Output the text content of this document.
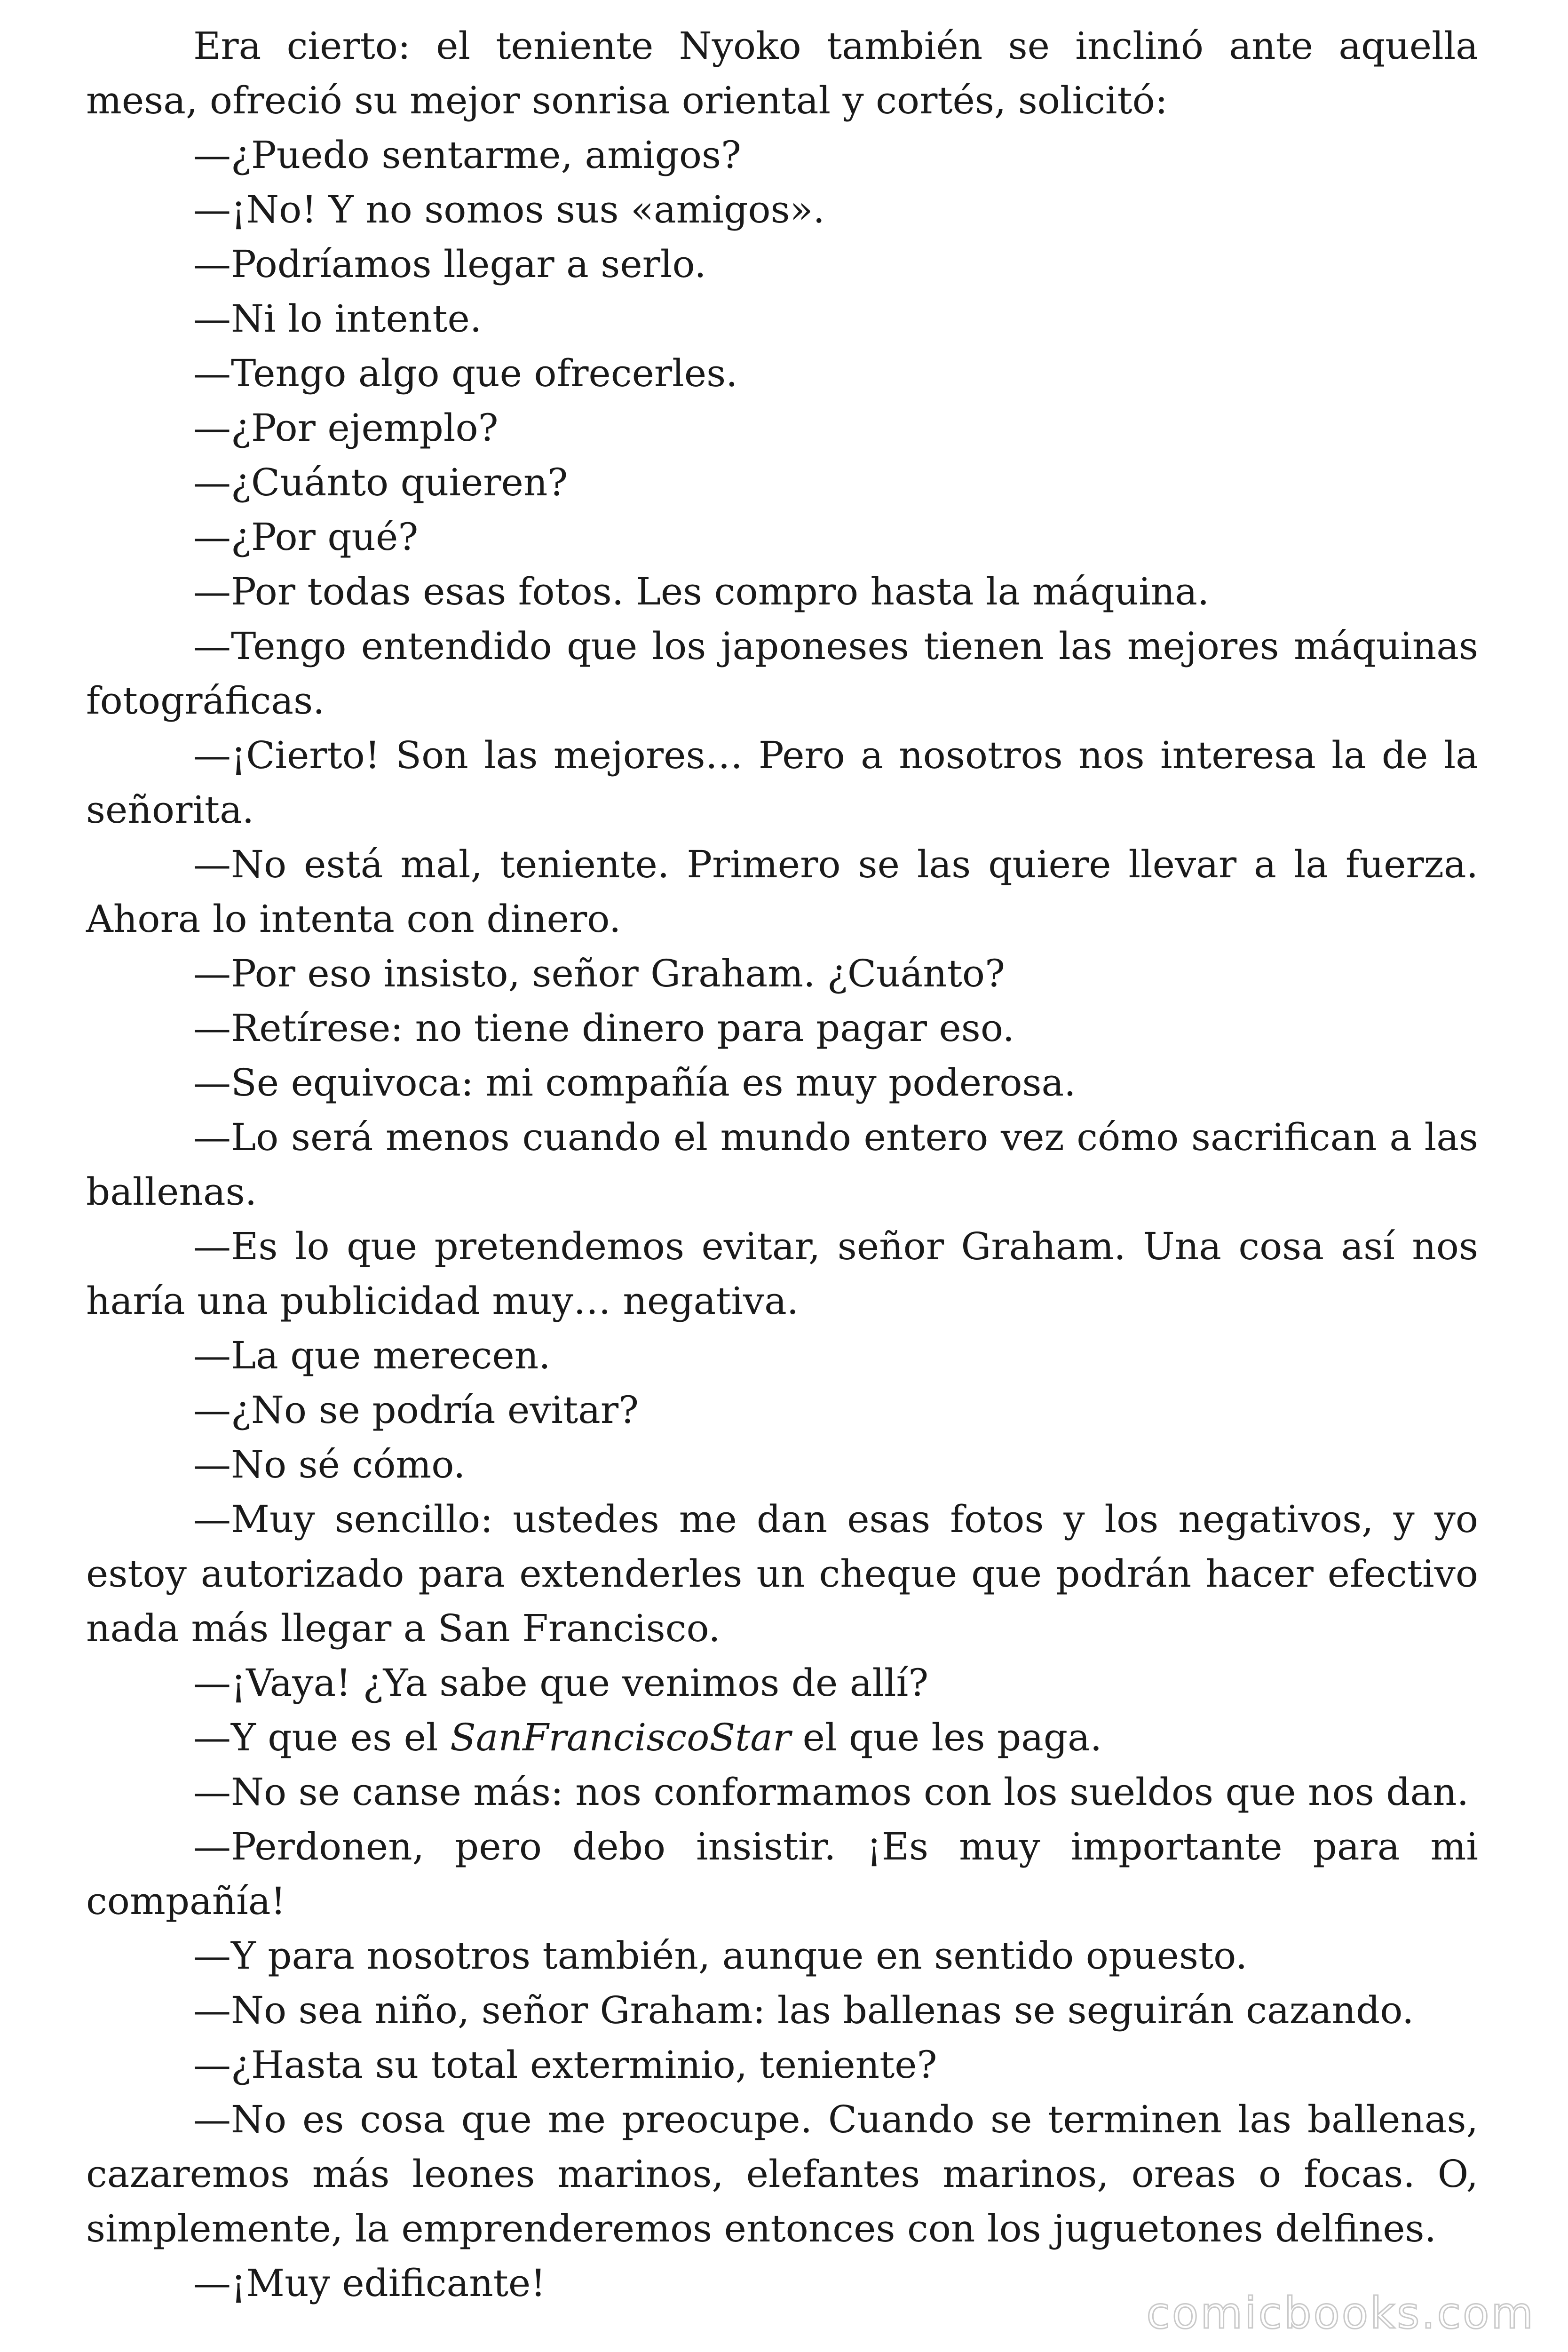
Era cierto: el teniente Nyoko también se inclinó ante aquella mesa, ofreció su mejor sonrisa oriental y cortés, solicitó:

—¿Puedo sentarme, amigos?

—¡No! Y no somos sus «amigos».

—Podríamos llegar a serlo.

—Ni lo intente.

—Tengo algo que ofrecerles.

—¿Por ejemplo?

—¿Cuánto quieren?

—¿Por qué?

—Por todas esas fotos. Les compro hasta la máquina.

—Tengo entendido que los japoneses tienen las mejores máquinas fotográficas.

—¡Cierto! Son las mejores… Pero a nosotros nos interesa la de la señorita.

—No está mal, teniente. Primero se las quiere llevar a la fuerza. Ahora lo intenta con dinero.

—Por eso insisto, señor Graham. ¿Cuánto?

—Retírese: no tiene dinero para pagar eso.

—Se equivoca: mi compañía es muy poderosa.

—Lo será menos cuando el mundo entero vez cómo sacrifican a las ballenas.

—Es lo que pretendemos evitar, señor Graham. Una cosa así nos haría una publicidad muy… negativa.

—La que merecen.

—¿No se podría evitar?

—No sé cómo.

—Muy sencillo: ustedes me dan esas fotos y los negativos, y yo estoy autorizado para extenderles un cheque que podrán hacer efectivo nada más llegar a San Francisco.

—¡Vaya! ¿Ya sabe que venimos de allí?

—Y que es el SanFranciscoStar el que les paga.

—No se canse más: nos conformamos con los sueldos que nos dan.

—Perdonen, pero debo insistir. ¡Es muy importante para mi compañía!

—Y para nosotros también, aunque en sentido opuesto.

—No sea niño, señor Graham: las ballenas se seguirán cazando.

—¿Hasta su total exterminio, teniente?

—No es cosa que me preocupe. Cuando se terminen las ballenas, cazaremos más leones marinos, elefantes marinos, oreas o focas. O, simplemente, la emprenderemos entonces con los juguetones delfines.

—¡Muy edificante!

comicbooks.com
